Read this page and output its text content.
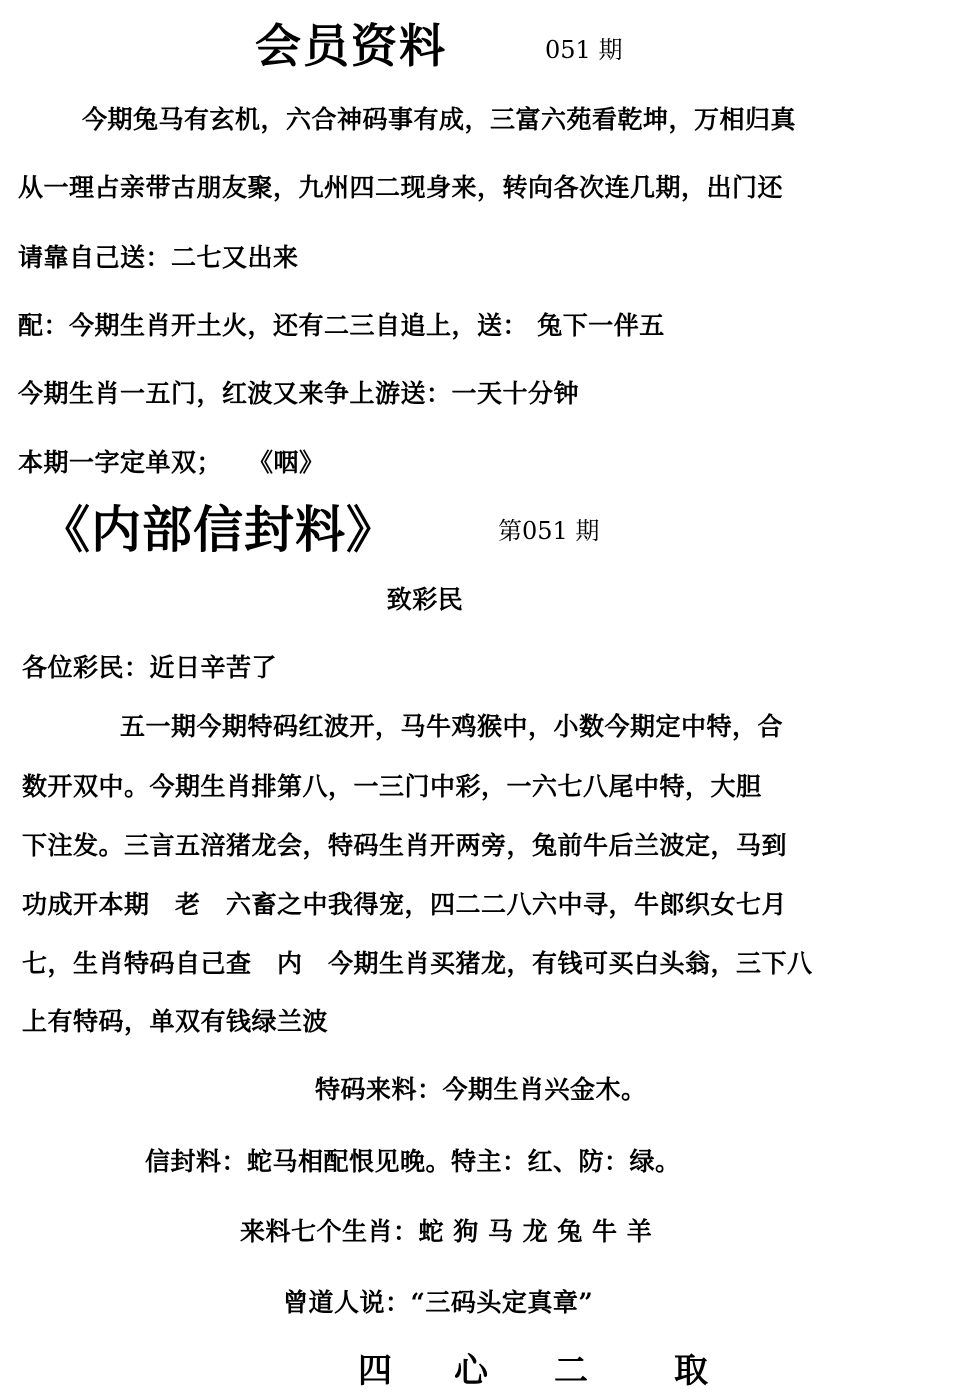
会员资料	051 期
今期兔马有玄机，六合神码事有成，三富六苑看乾坤，万相归真
从一理占亲带古朋友聚，九州四二现身来，转向各次连几期，出门还
请靠自己送：二七又出来
配：今期生肖开土火，还有二三自追上，送： 兔下一伴五
今期生肖一五门，红波又来争上游送：一天十分钟
本期一字定单双；　　《咽》
《内部信封料》	第051 期
致彩民
各位彩民：近日辛苦了
五一期今期特码红波开，马牛鸡猴中，小数今期定中特，合
数开双中。今期生肖排第八，一三门中彩，一六七八尾中特，大胆
下注发。三言五涪猪龙会，特码生肖开两旁，兔前牛后兰波定，马到
功成开本期　老　六畜之中我得宠，四二二八六中寻，牛郎织女七月
七，生肖特码自己查　内　今期生肖买猪龙，有钱可买白头翁，三下八
上有特码，单双有钱绿兰波
特码来料：今期生肖兴金木。
信封料：蛇马相配恨见晚。特主：红、防：绿。
来料七个生肖：蛇 狗 马 龙 兔 牛 羊
曾道人说：“三码头定真章”
四 心 二	取
